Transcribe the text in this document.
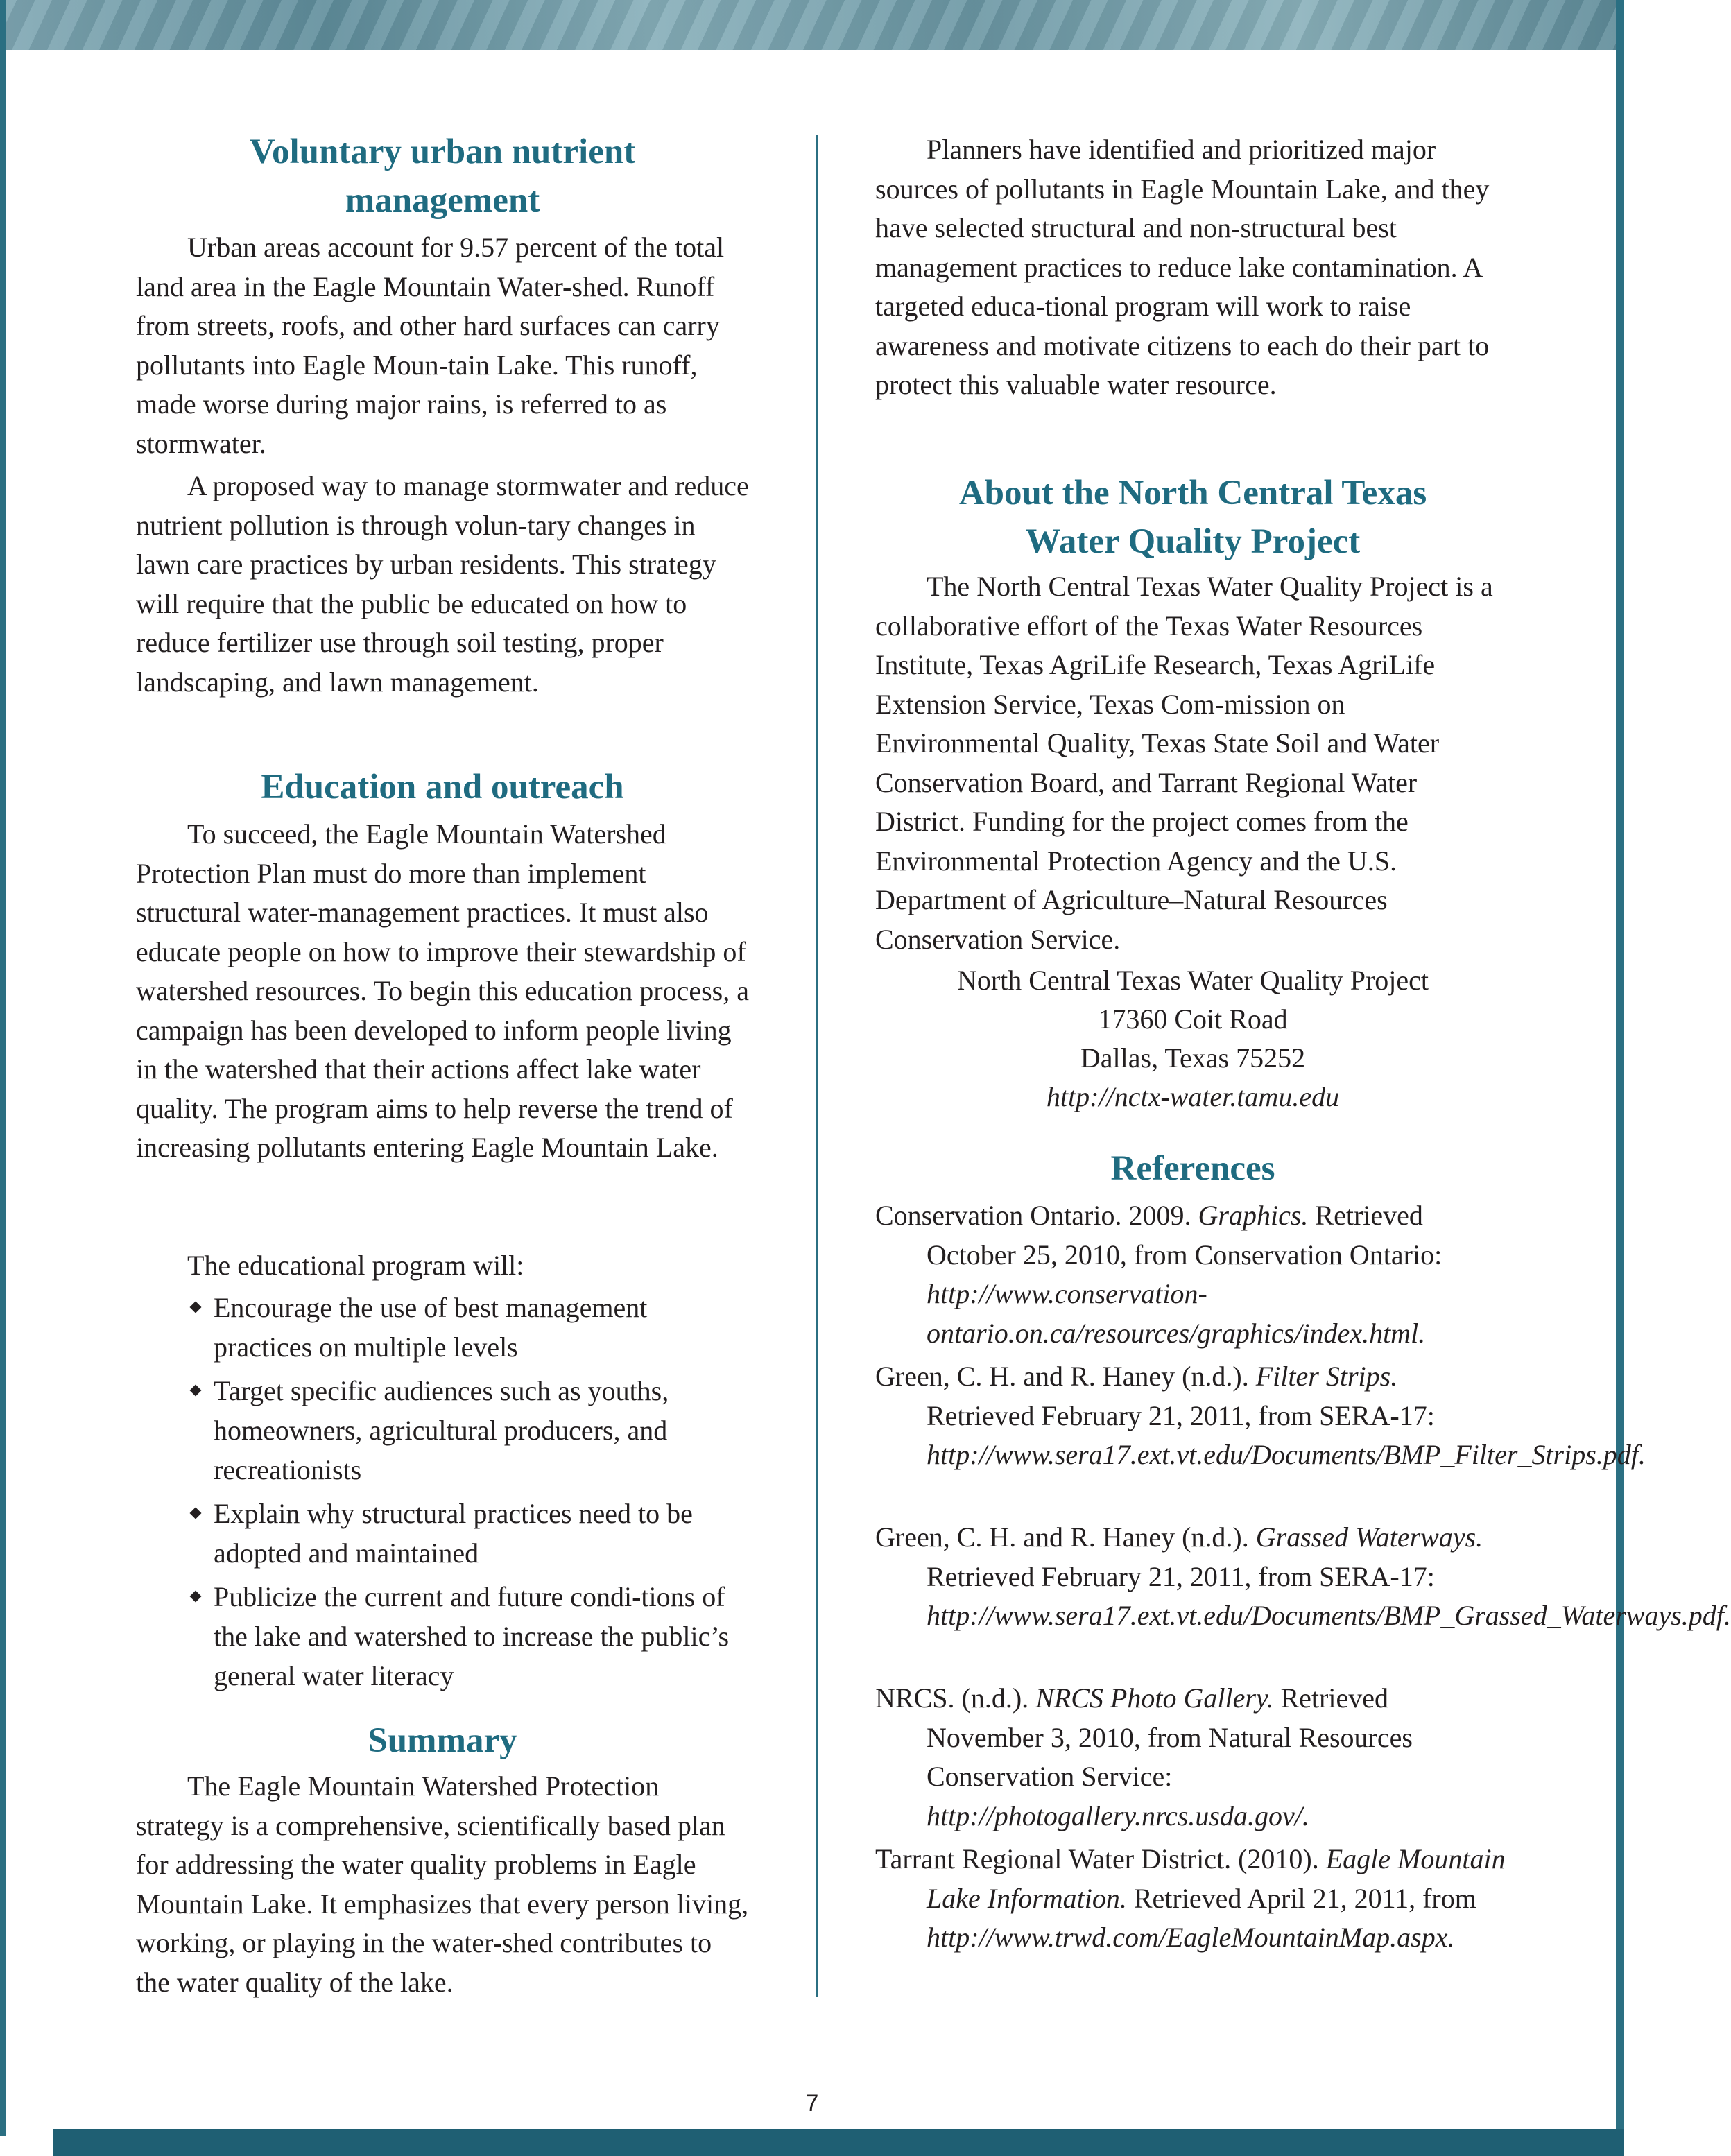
Voluntary urban nutrient
management

Urban areas account for 9.57 percent of the total land area in the Eagle Mountain Water-shed. Runoff from streets, roofs, and other hard surfaces can carry pollutants into Eagle Moun-tain Lake. This runoff, made worse during major rains, is referred to as stormwater.

A proposed way to manage stormwater and reduce nutrient pollution is through volun-tary changes in lawn care practices by urban residents. This strategy will require that the public be educated on how to reduce fertilizer use through soil testing, proper landscaping, and lawn management.

Education and outreach

To succeed, the Eagle Mountain Watershed Protection Plan must do more than implement structural water-management practices. It must also educate people on how to improve their stewardship of watershed resources. To begin this education process, a campaign has been developed to inform people living in the watershed that their actions affect lake water quality. The program aims to help reverse the trend of increasing pollutants entering Eagle Mountain Lake.

The educational program will:

Encourage the use of best management practices on multiple levels
Target specific audiences such as youths, homeowners, agricultural producers, and recreationists
Explain why structural practices need to be adopted and maintained
Publicize the current and future condi-tions of the lake and watershed to increase the public’s general water literacy
Summary

The Eagle Mountain Watershed Protection strategy is a comprehensive, scientifically based plan for addressing the water quality problems in Eagle Mountain Lake. It emphasizes that every person living, working, or playing in the water-shed contributes to the water quality of the lake.

Planners have identified and prioritized major sources of pollutants in Eagle Mountain Lake, and they have selected structural and non-structural best management practices to reduce lake contamination. A targeted educa-tional program will work to raise awareness and motivate citizens to each do their part to protect this valuable water resource.

About the North Central Texas
Water Quality Project

The North Central Texas Water Quality Project is a collaborative effort of the Texas Water Resources Institute, Texas AgriLife Research, Texas AgriLife Extension Service, Texas Com-mission on Environmental Quality, Texas State Soil and Water Conservation Board, and Tarrant Regional Water District. Funding for the project comes from the Environmental Protection Agency and the U.S. Department of Agriculture–Natural Resources Conservation Service.

North Central Texas Water Quality Project

17360 Coit Road

Dallas, Texas 75252

http://nctx-water.tamu.edu

References

Conservation Ontario. 2009. Graphics. Retrieved October 25, 2010, from Conservation Ontario: http://www.conservation-ontario.on.ca/resources/graphics/index.html.

Green, C. H. and R. Haney (n.d.). Filter Strips. Retrieved February 21, 2011, from SERA-17: http://www.sera17.ext.vt.edu/Documents/BMP_Filter_Strips.pdf.

Green, C. H. and R. Haney (n.d.). Grassed Waterways. Retrieved February 21, 2011, from SERA-17: http://www.sera17.ext.vt.edu/Documents/BMP_Grassed_Waterways.pdf.

NRCS. (n.d.). NRCS Photo Gallery. Retrieved November 3, 2010, from Natural Resources Conservation Service: http://photogallery.nrcs.usda.gov/.

Tarrant Regional Water District. (2010). Eagle Mountain Lake Information. Retrieved April 21, 2011, from http://www.trwd.com/EagleMountainMap.aspx.

7
